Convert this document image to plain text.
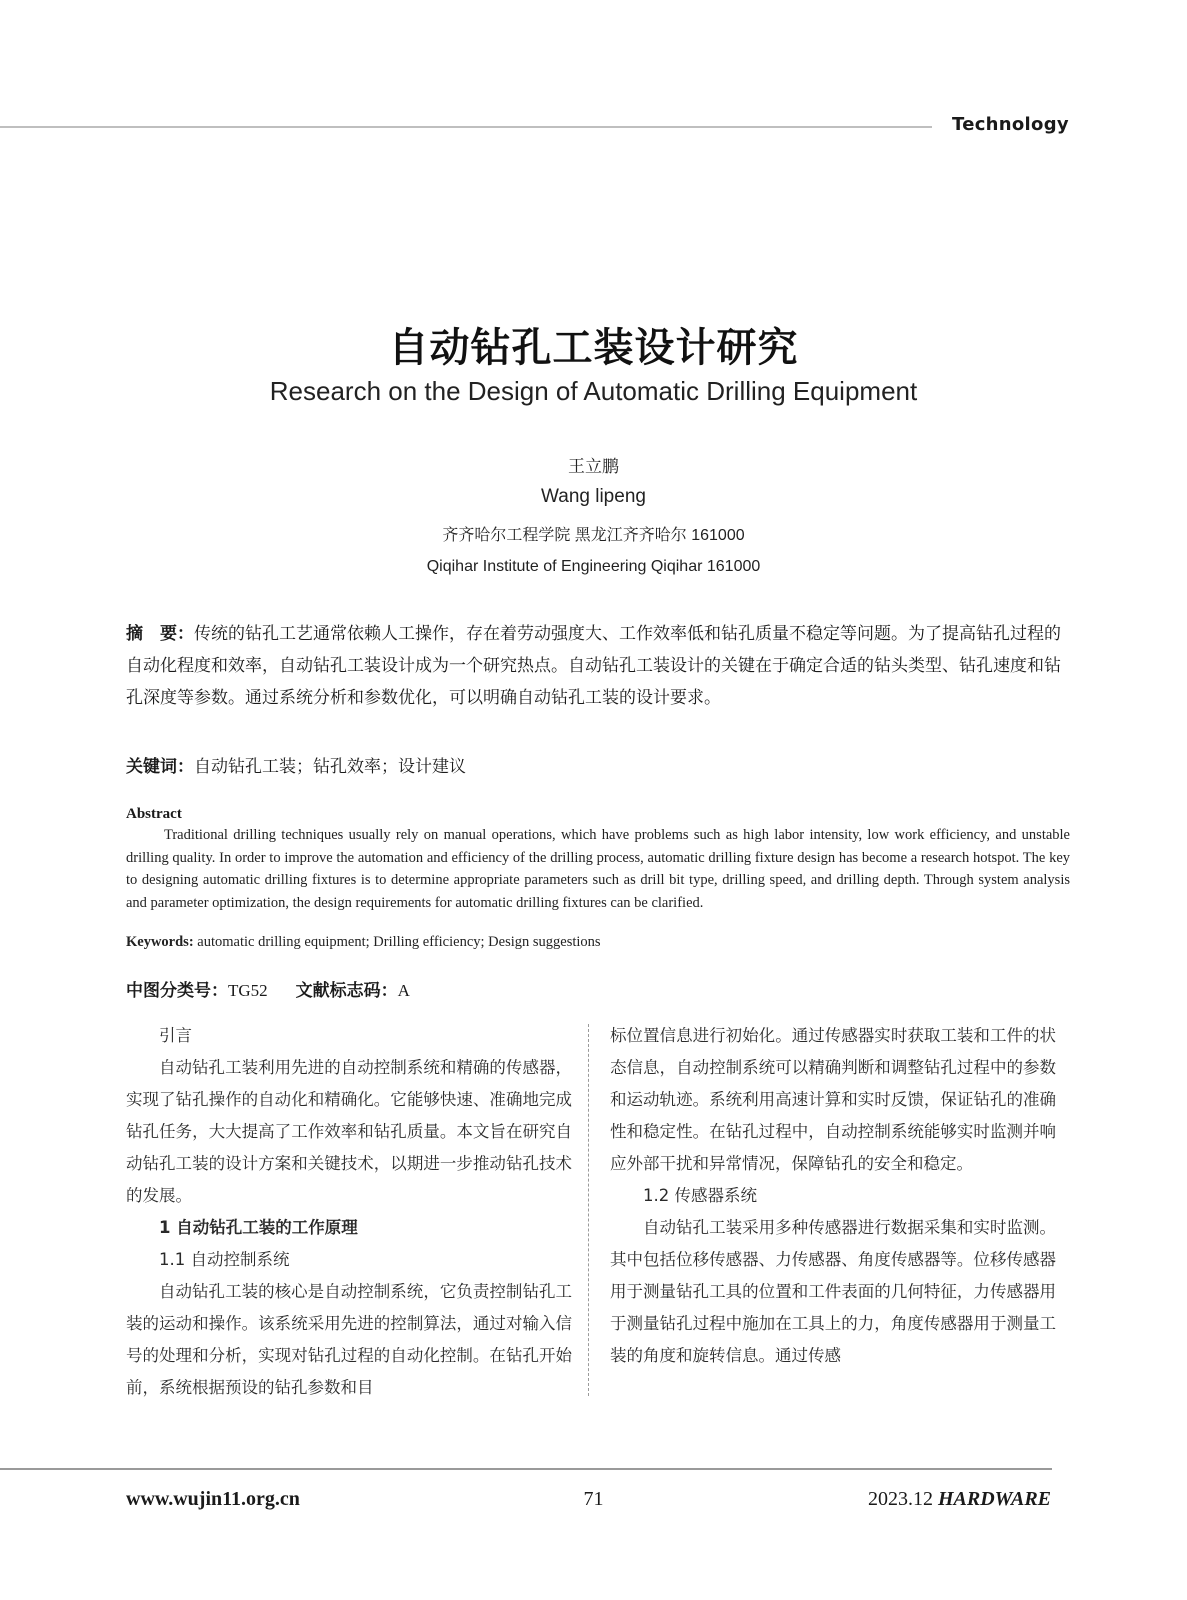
Technology
自动钻孔工装设计研究
Research on the Design of Automatic Drilling Equipment
王立鹏
Wang lipeng
齐齐哈尔工程学院 黑龙江齐齐哈尔 161000
Qiqihar Institute of Engineering Qiqihar 161000
摘　要：传统的钻孔工艺通常依赖人工操作，存在着劳动强度大、工作效率低和钻孔质量不稳定等问题。为了提高钻孔过程的自动化程度和效率，自动钻孔工装设计成为一个研究热点。自动钻孔工装设计的关键在于确定合适的钻头类型、钻孔速度和钻孔深度等参数。通过系统分析和参数优化，可以明确自动钻孔工装的设计要求。
关键词：自动钻孔工装；钻孔效率；设计建议
Abstract
Traditional drilling techniques usually rely on manual operations, which have problems such as high labor intensity, low work efficiency, and unstable drilling quality. In order to improve the automation and efficiency of the drilling process, automatic drilling fixture design has become a research hotspot. The key to designing automatic drilling fixtures is to determine appropriate parameters such as drill bit type, drilling speed, and drilling depth. Through system analysis and parameter optimization, the design requirements for automatic drilling fixtures can be clarified.
Keywords: automatic drilling equipment; Drilling efficiency; Design suggestions
中图分类号：TG52 文献标志码：A

引言

自动钻孔工装利用先进的自动控制系统和精确的传感器，实现了钻孔操作的自动化和精确化。它能够快速、准确地完成钻孔任务，大大提高了工作效率和钻孔质量。本文旨在研究自动钻孔工装的设计方案和关键技术，以期进一步推动钻孔技术的发展。

1 自动钻孔工装的工作原理

1.1 自动控制系统

自动钻孔工装的核心是自动控制系统，它负责控制钻孔工装的运动和操作。该系统采用先进的控制算法，通过对输入信号的处理和分析，实现对钻孔过程的自动化控制。在钻孔开始前，系统根据预设的钻孔参数和目

标位置信息进行初始化。通过传感器实时获取工装和工件的状态信息，自动控制系统可以精确判断和调整钻孔过程中的参数和运动轨迹。系统利用高速计算和实时反馈，保证钻孔的准确性和稳定性。在钻孔过程中，自动控制系统能够实时监测并响应外部干扰和异常情况，保障钻孔的安全和稳定。

1.2 传感器系统

自动钻孔工装采用多种传感器进行数据采集和实时监测。其中包括位移传感器、力传感器、角度传感器等。位移传感器用于测量钻孔工具的位置和工件表面的几何特征，力传感器用于测量钻孔过程中施加在工具上的力，角度传感器用于测量工装的角度和旋转信息。通过传感

www.wujin11.org.cn	71	2023.12 HARDWARE
